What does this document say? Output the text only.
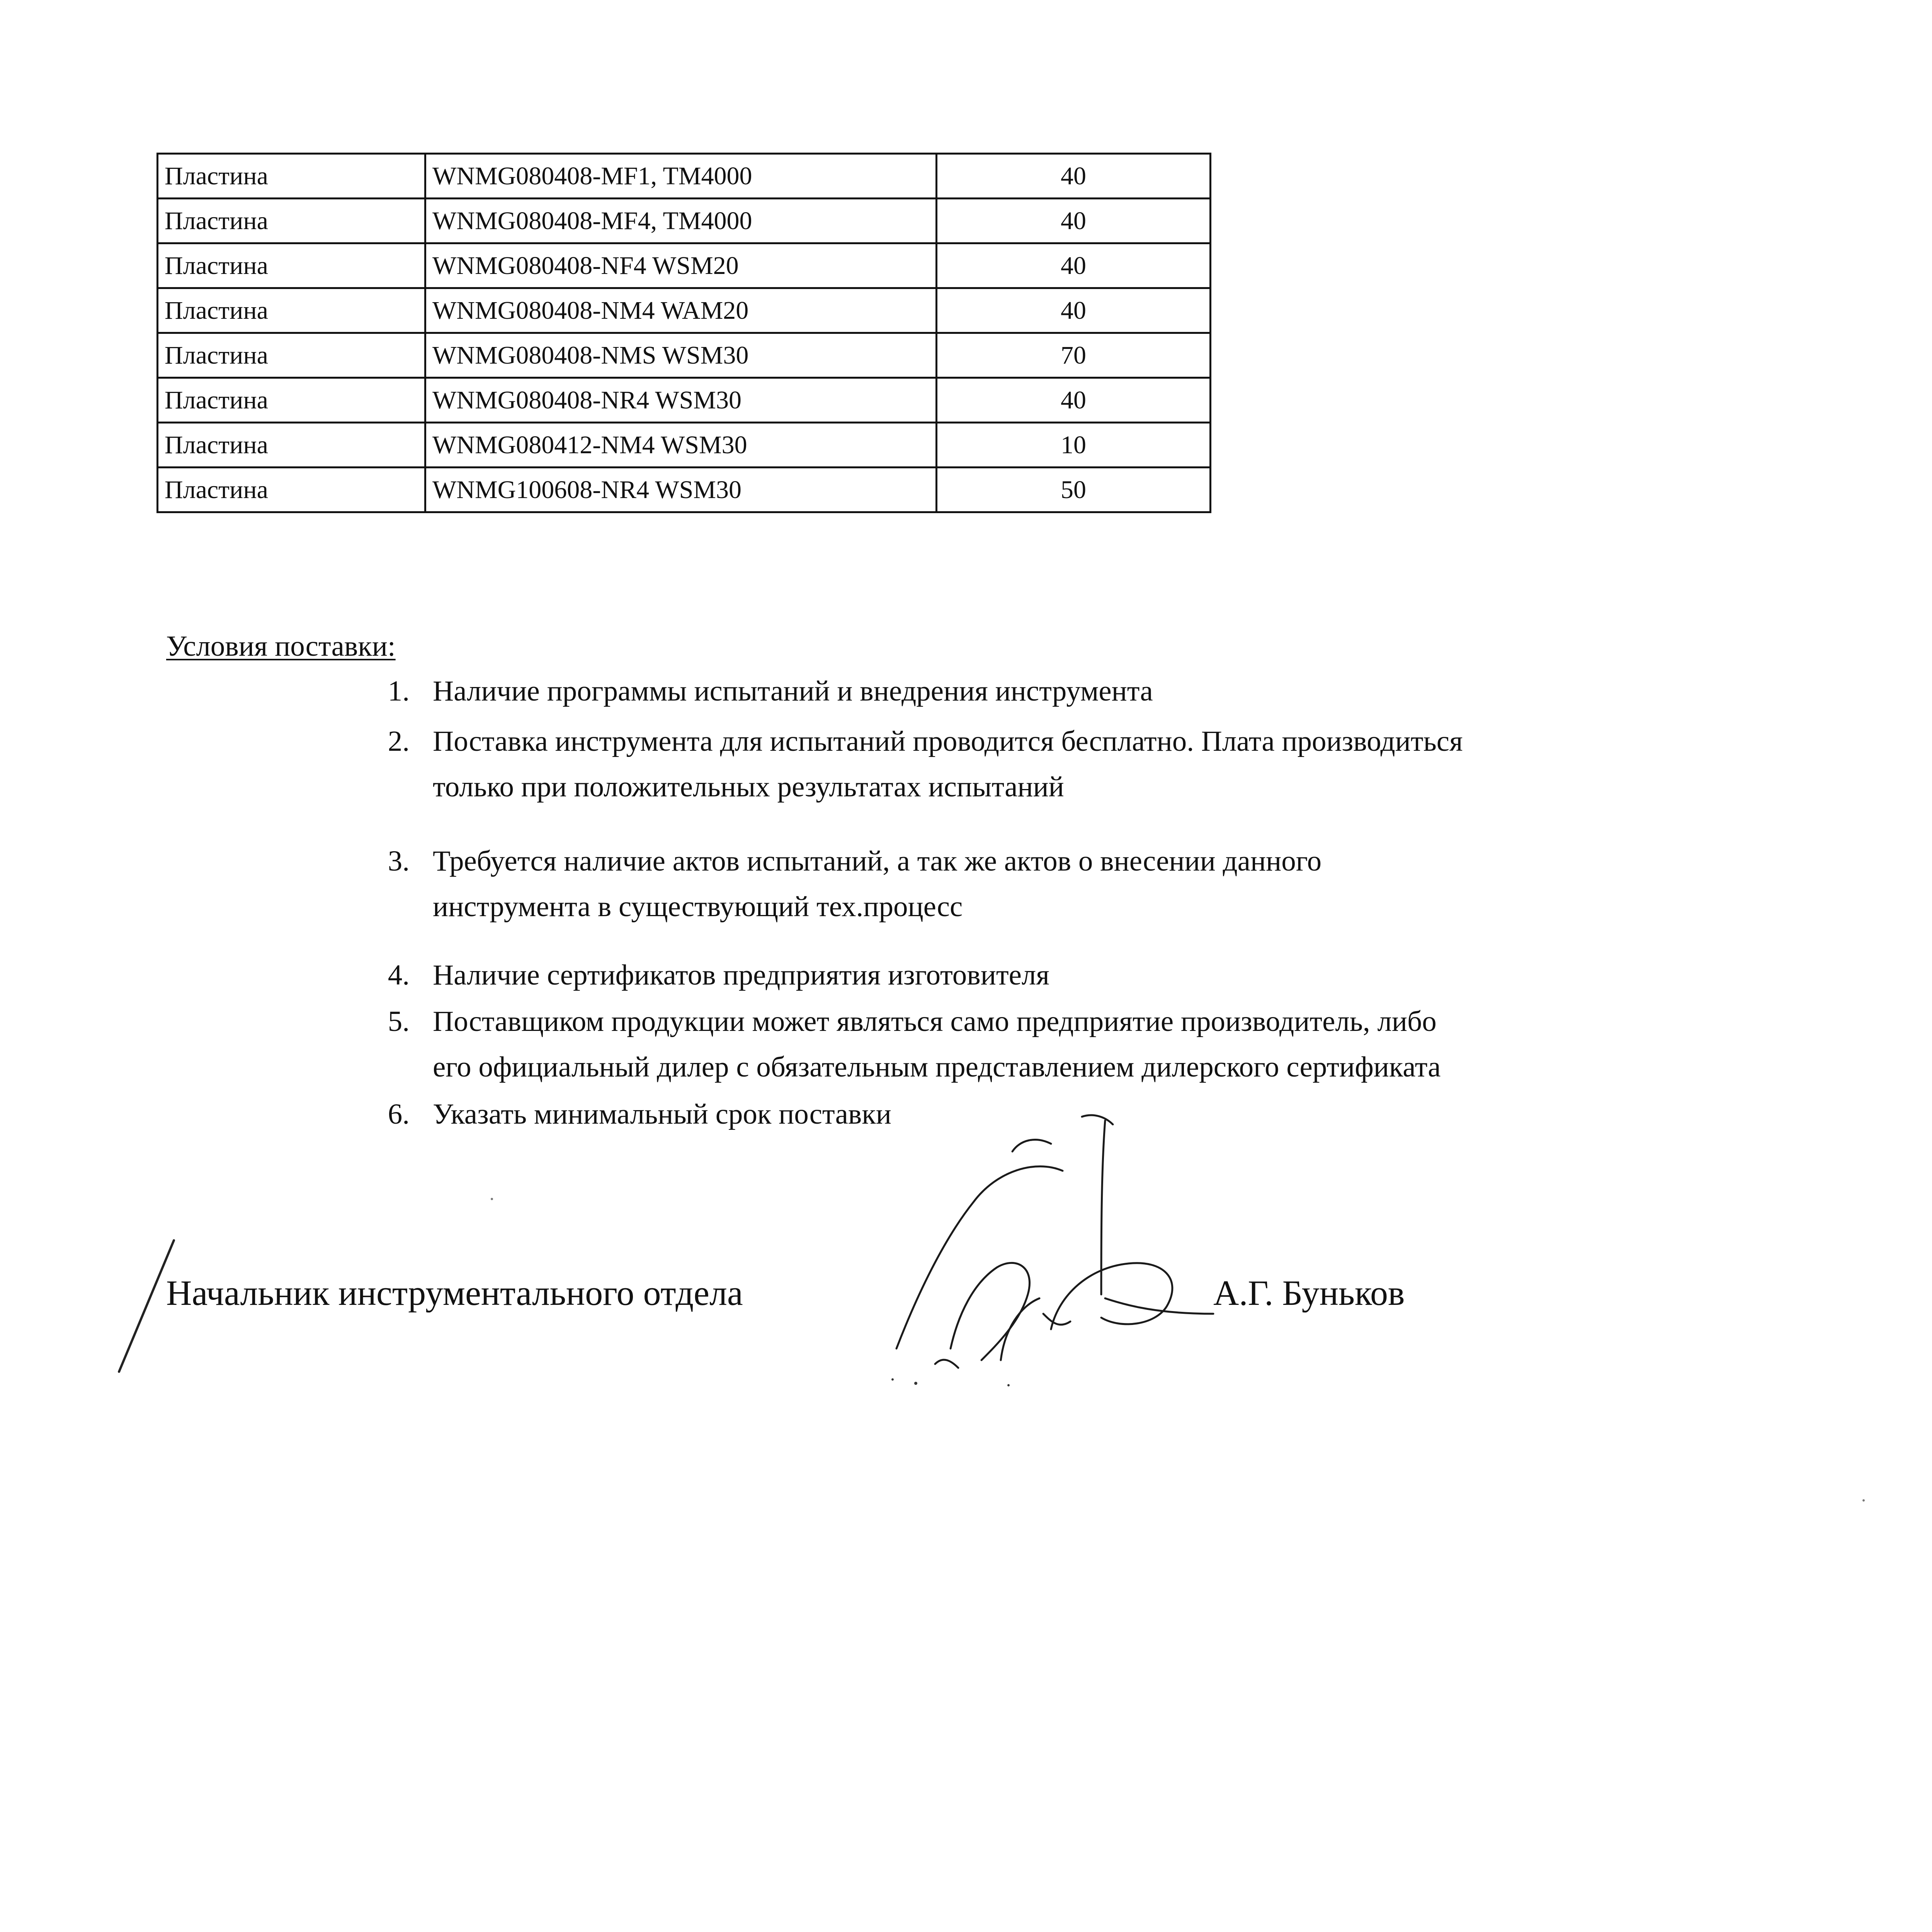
Пластина	WNMG080408-MF1, TM4000	40
Пластина	WNMG080408-MF4, TM4000	40
Пластина	WNMG080408-NF4 WSM20	40
Пластина	WNMG080408-NM4 WAM20	40
Пластина	WNMG080408-NMS WSM30	70
Пластина	WNMG080408-NR4 WSM30	40
Пластина	WNMG080412-NM4 WSM30	10
Пластина	WNMG100608-NR4 WSM30	50
Условия поставки:
1. Наличие программы испытаний и внедрения инструмента
2. Поставка инструмента для испытаний проводится бесплатно. Плата производиться
только при положительных результатах испытаний
3. Требуется наличие актов испытаний, а так же актов о внесении данного
инструмента в существующий тех.процесс
4. Наличие сертификатов предприятия изготовителя
5. Поставщиком продукции может являться само предприятие производитель, либо
его официальный дилер с обязательным представлением дилерского сертификата
6. Указать минимальный срок поставки
Начальник инструментального отдела	А.Г. Буньков
